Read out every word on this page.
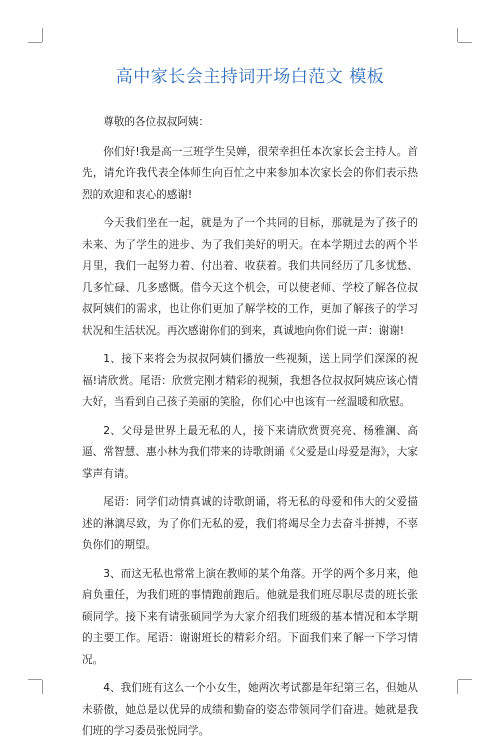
高中家长会主持词开场白范文 模板

尊敬的各位叔叔阿姨：

你们好!我是高一三班学生吴婵，很荣幸担任本次家长会主持人。首先，请允许我代表全体师生向百忙之中来参加本次家长会的你们表示热烈的欢迎和衷心的感谢!

今天我们坐在一起，就是为了一个共同的目标，那就是为了孩子的未来、为了学生的进步、为了我们美好的明天。在本学期过去的两个半月里，我们一起努力着、付出着、收获着。我们共同经历了几多忧愁、几多忙碌、几多感慨。借今天这个机会，可以使老师、学校了解各位叔叔阿姨们的需求，也让你们更加了解学校的工作，更加了解孩子的学习状况和生活状况。再次感谢你们的到来，真诚地向你们说一声：谢谢!

1、接下来将会为叔叔阿姨们播放一些视频，送上同学们深深的祝福!请欣赏。尾语：欣赏完刚才精彩的视频，我想各位叔叔阿姨应该心情大好，当看到自己孩子美丽的笑脸，你们心中也该有一丝温暖和欣慰。

2、父母是世界上最无私的人，接下来请欣赏贾亮亮、杨雅澜、高逼、常智慧、惠小林为我们带来的诗歌朗诵《父爱是山母爱是海》，大家掌声有请。

尾语：同学们动情真诚的诗歌朗诵，将无私的母爱和伟大的父爱描述的淋漓尽致，为了你们无私的爱，我们将竭尽全力去奋斗拼搏，不辜负你们的期望。

3、而这无私也常常上演在教师的某个角落。开学的两个多月来，他肩负重任，为我们班的事情跑前跑后。他就是我们班尽职尽责的班长张硕同学。接下来有请张硕同学为大家介绍我们班级的基本情况和本学期的主要工作。尾语：谢谢班长的精彩介绍。下面我们来了解一下学习情况。

4、我们班有这么一个小女生，她两次考试都是年纪第三名，但她从未骄傲，她总是以优异的成绩和勤奋的姿态带领同学们奋进。她就是我们班的学习委员张悦同学。
